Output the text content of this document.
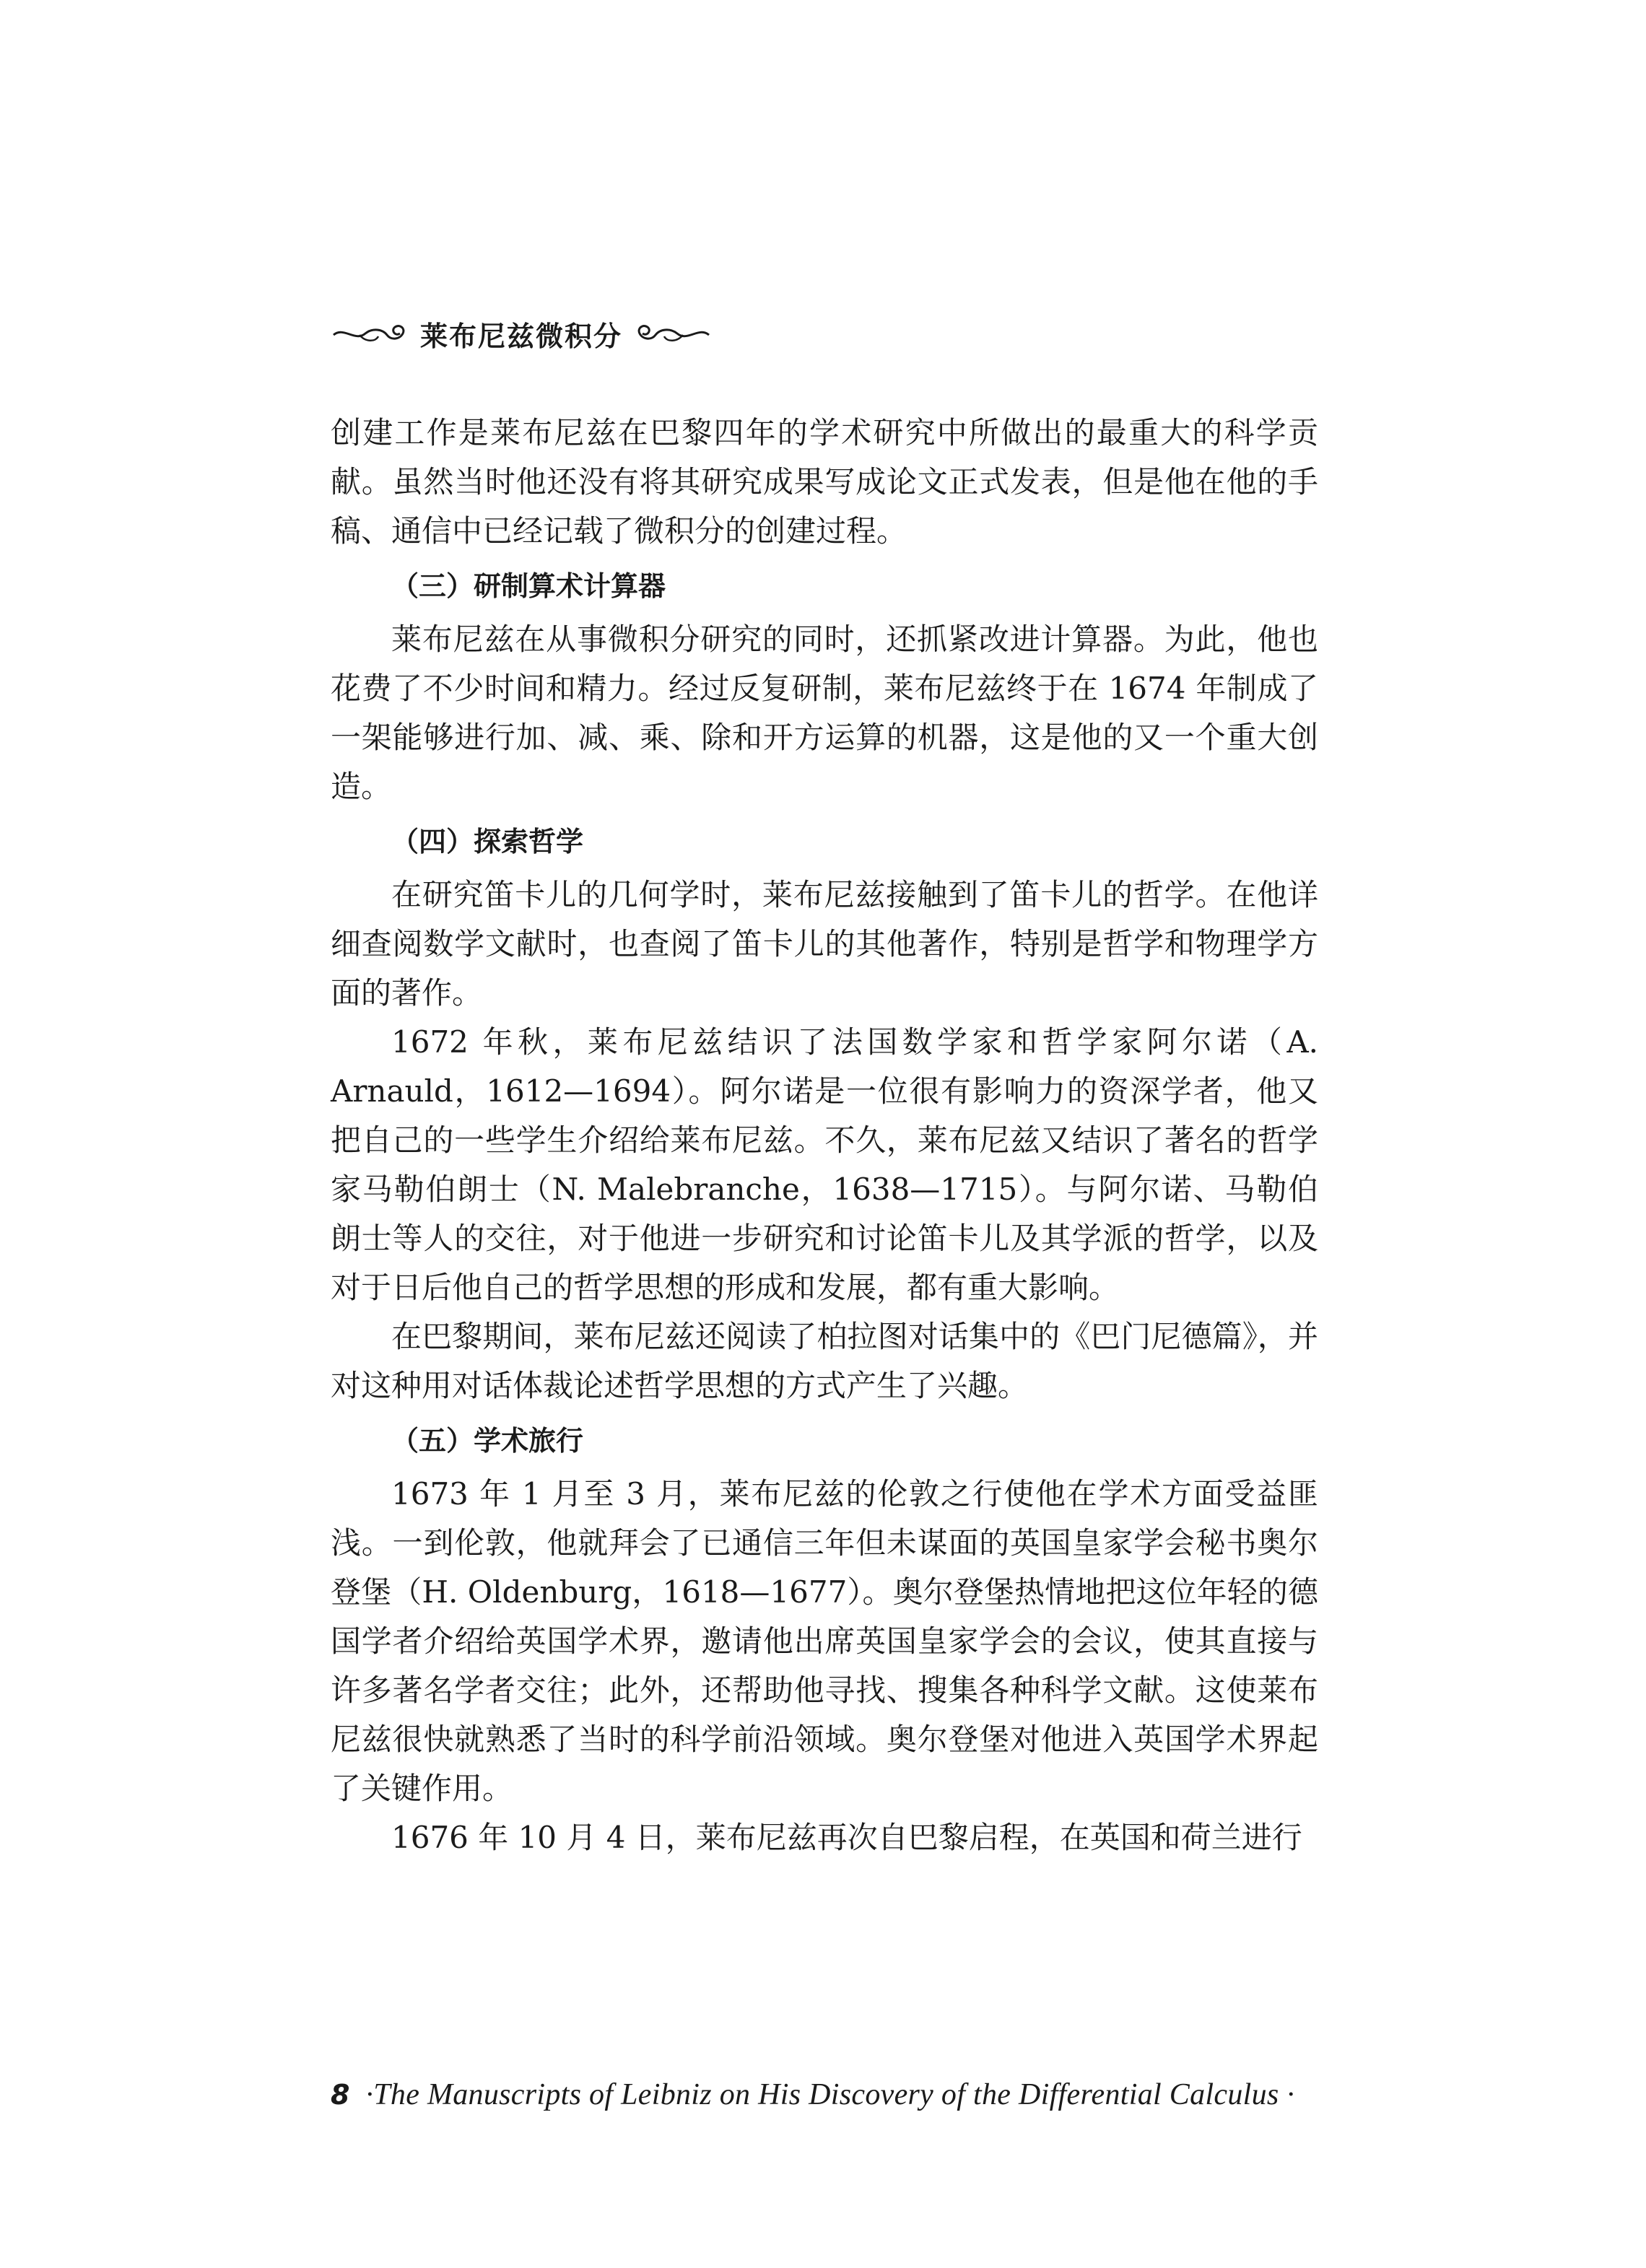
莱布尼兹微积分

创建工作是莱布尼兹在巴黎四年的学术研究中所做出的最重大的科学贡献。虽然当时他还没有将其研究成果写成论文正式发表，但是他在他的手稿、通信中已经记载了微积分的创建过程。

（三）研制算术计算器

莱布尼兹在从事微积分研究的同时，还抓紧改进计算器。为此，他也花费了不少时间和精力。经过反复研制，莱布尼兹终于在 1674 年制成了一架能够进行加、减、乘、除和开方运算的机器，这是他的又一个重大创造。

（四）探索哲学

在研究笛卡儿的几何学时，莱布尼兹接触到了笛卡儿的哲学。在他详细查阅数学文献时，也查阅了笛卡儿的其他著作，特别是哲学和物理学方面的著作。

1672 年秋，莱布尼兹结识了法国数学家和哲学家阿尔诺（A. Arnauld，1612—1694）。阿尔诺是一位很有影响力的资深学者，他又把自己的一些学生介绍给莱布尼兹。不久，莱布尼兹又结识了著名的哲学家马勒伯朗士（N. Malebranche，1638—1715）。与阿尔诺、马勒伯朗士等人的交往，对于他进一步研究和讨论笛卡儿及其学派的哲学，以及对于日后他自己的哲学思想的形成和发展，都有重大影响。

在巴黎期间，莱布尼兹还阅读了柏拉图对话集中的《巴门尼德篇》，并对这种用对话体裁论述哲学思想的方式产生了兴趣。

（五）学术旅行

1673 年 1 月至 3 月，莱布尼兹的伦敦之行使他在学术方面受益匪浅。一到伦敦，他就拜会了已通信三年但未谋面的英国皇家学会秘书奥尔登堡（H. Oldenburg，1618—1677）。奥尔登堡热情地把这位年轻的德国学者介绍给英国学术界，邀请他出席英国皇家学会的会议，使其直接与许多著名学者交往；此外，还帮助他寻找、搜集各种科学文献。这使莱布尼兹很快就熟悉了当时的科学前沿领域。奥尔登堡对他进入英国学术界起了关键作用。

1676 年 10 月 4 日，莱布尼兹再次自巴黎启程，在英国和荷兰进行

8 ·The Manuscripts of Leibniz on His Discovery of the Differential Calculus ·
